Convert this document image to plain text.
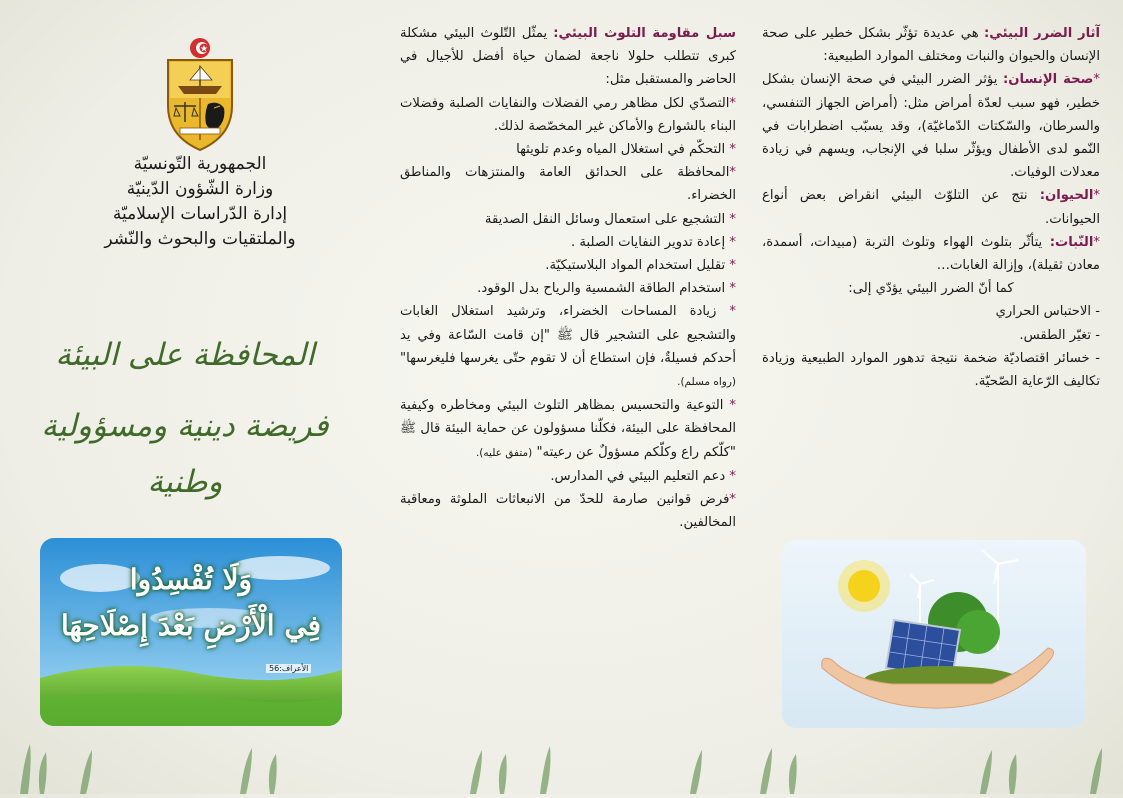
الجمهورية التّونسيّة
وزارة الشّؤون الدّينيّة
إدارة الدّراسات الإسلاميّة
والملتقيات والبحوث والنّشر
المحافظة على البيئة
فريضة دينية ومسؤولية وطنية
وَلَا تُفْسِدُوا
فِي الْأَرْضِ بَعْدَ إِصْلَاحِهَا
الأعراف:56

سبل مقاومة التلوث البيئي: يمثّل التّلوث البيئي مشكلة كبرى تتطلب حلولا ناجعة لضمان حياة أفضل للأجيال في الحاضر والمستقبل مثل:

*التصدّي لكل مظاهر رمي الفضلات والنفايات الصلبة وفضلات البناء بالشوارع والأماكن غير المخصّصة لذلك.

* التحكّم في استغلال المياه وعدم تلويثها

*المحافظة على الحدائق العامة والمنتزهات والمناطق الخضراء.

* التشجيع على استعمال وسائل النقل الصديقة

* إعادة تدوير النفايات الصلبة .

* تقليل استخدام المواد البلاستيكيّة.

* استخدام الطاقة الشمسية والرياح بدل الوقود.

* زيادة المساحات الخضراء، وترشيد استغلال الغابات والتشجيع على التشجير قال ﷺ "إن قامت السّاعة وفي يد أحدكم فسيلةٌ، فإن استطاع أن لا تقوم حتّى يغرسها فليغرسها" (رواه مسلم).

* التوعية والتحسيس بمظاهر التلوث البيئي ومخاطره وكيفية المحافظة على البيئة، فكلّنا مسؤولون عن حماية البيئة قال ﷺ "كلّكم راع وكلّكم مسؤولٌ عن رعيته" (متفق عليه).

* دعم التعليم البيئي في المدارس.

*فرض قوانين صارمة للحدّ من الانبعاثات الملوثة ومعاقبة المخالفين.

آثار الضرر البيئي: هي عديدة تؤثّر بشكل خطير على صحة الإنسان والحيوان والنبات ومختلف الموارد الطبيعية:

*صحة الإنسان: يؤثر الضرر البيئي في صحة الإنسان بشكل خطير، فهو سبب لعدّة أمراض مثل: (أمراض الجهاز التنفسي، والسرطان، والسّكتات الدّماغيّة)، وقد يسبّب اضطرابات في النّمو لدى الأطفال ويؤثّر سلبا في الإنجاب، ويسهم في زيادة معدلات الوفيات.

*الحيوان: نتج عن التلوّث البيئي انقراض بعض أنواع الحيوانات.

*النّبات: يتأثّر بتلوث الهواء وتلوث التربة (مبيدات، أسمدة، معادن ثقيلة)، وإزالة الغابات…

كما أنّ الضرر البيئي يؤدّي إلى:

- الاحتباس الحراري

- تغيّر الطقس.

- خسائر اقتصاديّة ضخمة نتيجة تدهور الموارد الطبيعية وزيادة تكاليف الرّعاية الصّحيّة.
